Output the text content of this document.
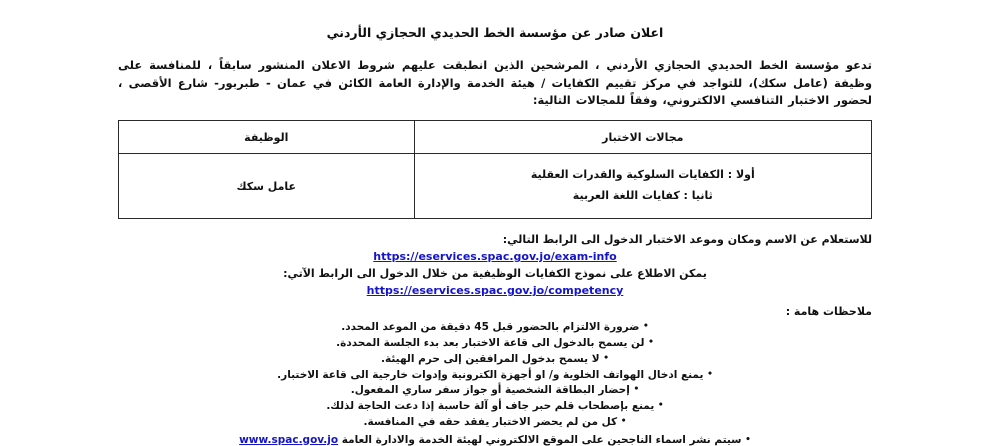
اعلان صادر عن مؤسسة الخط الحديدي الحجازي الأردني
تدعو مؤسسة الخط الحديدي الحجازي الأردني ، المرشحين الذين انطبقت عليهم شروط الاعلان المنشور سابقاً ، للمنافسة على وظيفة (عامل سكك)، للتواجد في مركز تقييم الكفايات / هيئة الخدمة والإدارة العامة الكائن في عمان - طبربور- شارع الأقصى ، لحضور الاختبار التنافسي الالكتروني، وفقاً للمجالات التالية:
مجالات الاختبار	الوظيفة

أولا : الكفايات السلوكية والقدرات العقلية
ثانيا : كفايات اللغة العربية	عامل سكك
للاستعلام عن الاسم ومكان وموعد الاختبار الدخول الى الرابط التالي:
https://eservices.spac.gov.jo/exam-info
يمكن الاطلاع على نموذج الكفايات الوظيفية من خلال الدخول الى الرابط الآتي:
https://eservices.spac.gov.jo/competency
ملاحظات هامة :
• ضرورة الالتزام بالحضور قبل 45 دقيقة من الموعد المحدد.
• لن يسمح بالدخول الى قاعة الاختبار بعد بدء الجلسة المحددة.
• لا يسمح بدخول المرافقين إلى حرم الهيئة.
• يمنع ادخال الهواتف الخلوية و/ او أجهزة الكترونية وإدوات خارجية الى قاعة الاختبار.
• إحضار البطاقة الشخصية أو جواز سفر ساري المفعول.
• يمنع بإصطحاب قلم حبر جاف أو آلة حاسبة إذا دعت الحاجة لذلك.
• كل من لم يحضر الاختبار يفقد حقه في المنافسة.
• سيتم نشر اسماء الناجحين على الموقع الالكتروني لهيئة الخدمة والادارة العامة www.spac.gov.jo
